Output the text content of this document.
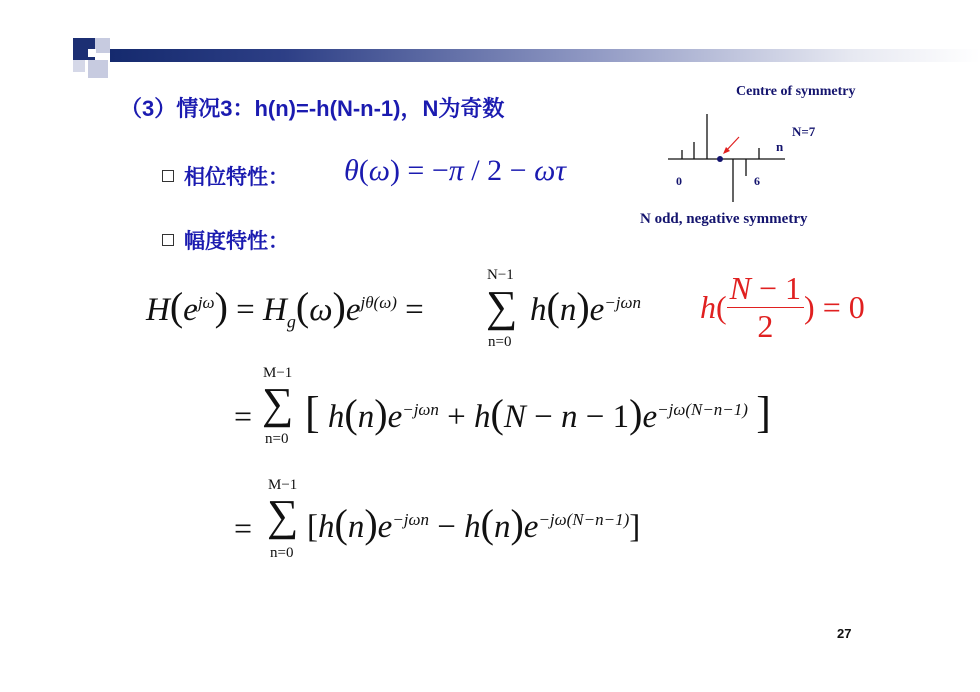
（3）情况3：h(n)=-h(N-n-1)，N为奇数
相位特性： θ(ω) = −π / 2 − ωτ
幅度特性：
Centre of symmetry
N=7
n
0	6
N odd, negative symmetry
$H(e^{j\omega}) = H_g(\omega)e^{j\theta(\omega)}$ =
N−1
∑
n=0
$h(n)e^{-j\omega n}$ $h( \frac{N - 1}{2}$ ) = 0
=
M−1
∑
n=0
[ $h(n)e^{-j\omega n} + h(N - n - 1)e^{-j\omega(N-n-1)}$ ]
=
M−1
∑
n=0
$[h(n)e^{-j\omega n} - h(n)e^{-j\omega(N-n-1)}]$
27
